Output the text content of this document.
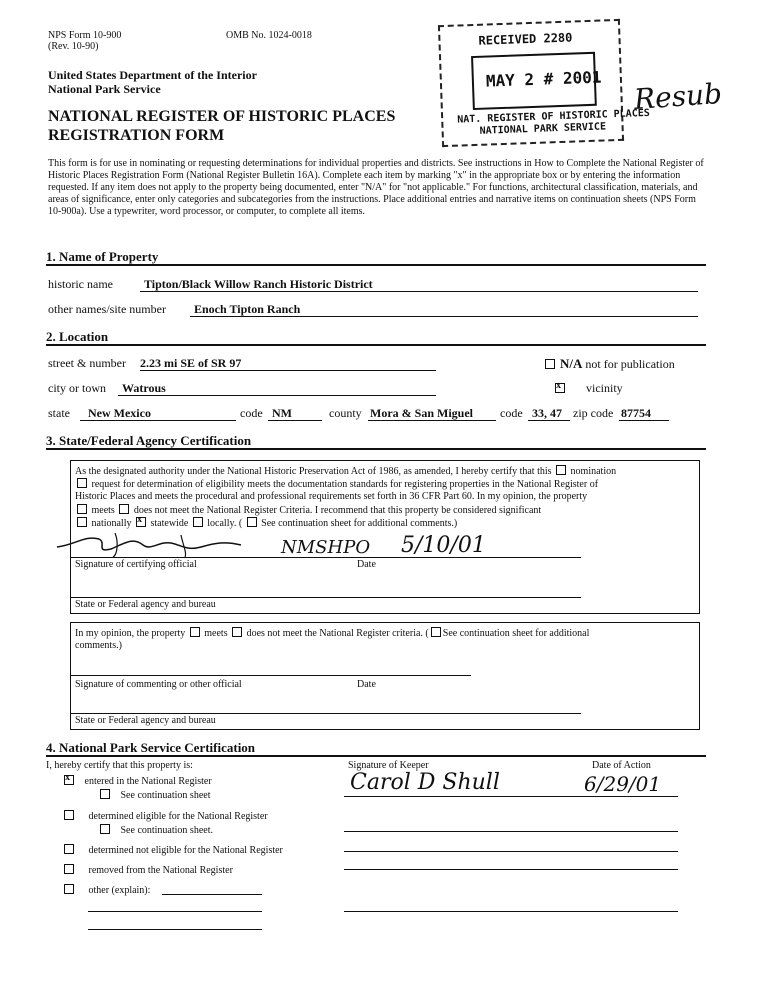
NPS Form 10-900
(Rev. 10-90)
OMB No. 1024-0018
United States Department of the Interior
National Park Service
NATIONAL REGISTER OF HISTORIC PLACES
REGISTRATION FORM
RECEIVED 2280
MAY 2 # 2001
NAT. REGISTER OF HISTORIC PLACES
NATIONAL PARK SERVICE
Resub
This form is for use in nominating or requesting determinations for individual properties and districts. See instructions in How to Complete the National Register of Historic Places Registration Form (National Register Bulletin 16A). Complete each item by marking "x" in the appropriate box or by entering the information requested. If any item does not apply to the property being documented, enter "N/A" for "not applicable." For functions, architectural classification, materials, and areas of significance, enter only categories and subcategories from the instructions. Place additional entries and narrative items on continuation sheets (NPS Form 10-900a). Use a typewriter, word processor, or computer, to complete all items.
1. Name of Property
historic name	Tipton/Black Willow Ranch Historic District
other names/site number	Enoch Tipton Ranch
2. Location
street & number 2.23 mi SE of SR 97	N/A not for publication
city or town	Watrous x	vicinity
state	New Mexico	code NM	county Mora & San Miguel	code 33, 47 zip code 87754
3. State/Federal Agency Certification
As the designated authority under the National Historic Preservation Act of 1986, as amended, I hereby certify that this nomination
request for determination of eligibility meets the documentation standards for registering properties in the National Register of
Historic Places and meets the procedural and professional requirements set forth in 36 CFR Part 60. In my opinion, the property
meets does not meet the National Register Criteria. I recommend that this property be considered significant
nationally x statewide locally. ( See continuation sheet for additional comments.)
NMSHPO 5/10/01
Signature of certifying official	Date
State or Federal agency and bureau
In my opinion, the property meets does not meet the National Register criteria. ( See continuation sheet for additional
comments.)
Signature of commenting or other official	Date
State or Federal agency and bureau
4. National Park Service Certification
I, hereby certify that this property is:	Signature of Keeper	Date of Action
x entered in the National Register
See continuation sheet
Carol D Shull	6/29/01
determined eligible for the National Register
See continuation sheet.
determined not eligible for the National Register
removed from the National Register
other (explain):
